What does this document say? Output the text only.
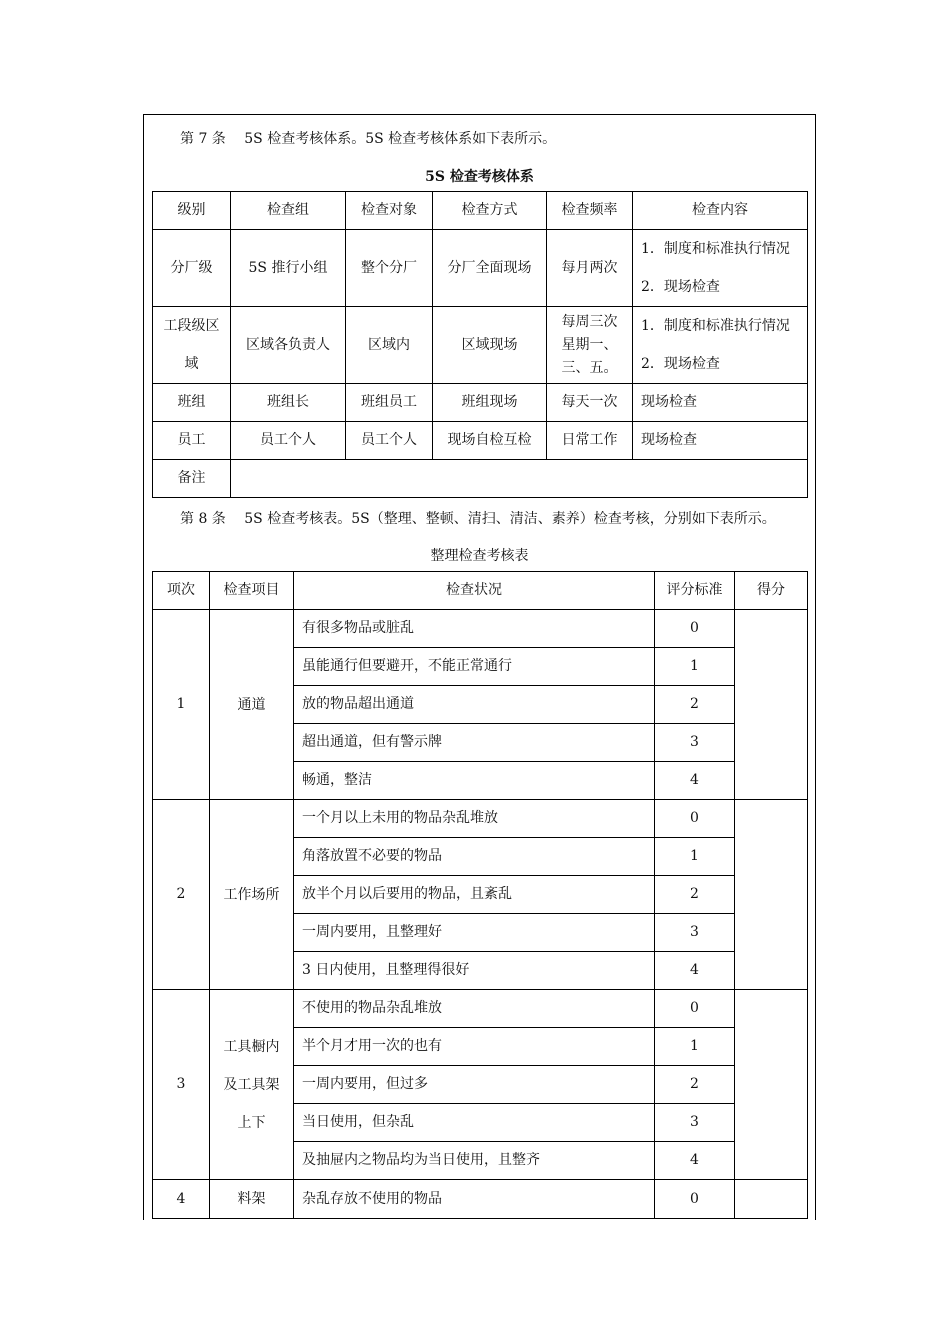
第 7 条　 5S 检查考核体系。5S 检查考核体系如下表所示。
5S 检查考核体系
级别	检查组	检查对象	检查方式	检查频率	检查内容
分厂级	5S 推行小组	整个分厂	分厂全面现场	每月两次	1．制度和标准执行情况
2．现场检查

工段级区
域	区域各负责人	区域内	区域现场	每周三次
星期一、
三、五。	1．制度和标准执行情况
2．现场检查

班组	班组长	班组员工	班组现场	每天一次	现场检查
员工	员工个人	员工个人	现场自检互检	日常工作	现场检查
备注					
第 8 条　 5S 检查考核表。5S（整理、整顿、清扫、清洁、素养）检查考核，分别如下表所示。
整理检查考核表
项次	检查项目	检查状况	评分标准	得分
1	通道	有很多物品或脏乱	0	
		虽能通行但要避开，不能正常通行	1	
		放的物品超出通道	2	
		超出通道，但有警示牌	3	
		畅通，整洁	4	
2	工作场所	一个月以上未用的物品杂乱堆放	0	
		角落放置不必要的物品	1	
		放半个月以后要用的物品，且紊乱	2	
		一周内要用，且整理好	3	
		3 日内使用，且整理得很好	4	
3	工具橱内
及工具架
上下	不使用的物品杂乱堆放	0	
		半个月才用一次的也有	1	
		一周内要用，但过多	2	
		当日使用，但杂乱	3	
		及抽屉内之物品均为当日使用，且整齐	4	
4	料架	杂乱存放不使用的物品	0	
